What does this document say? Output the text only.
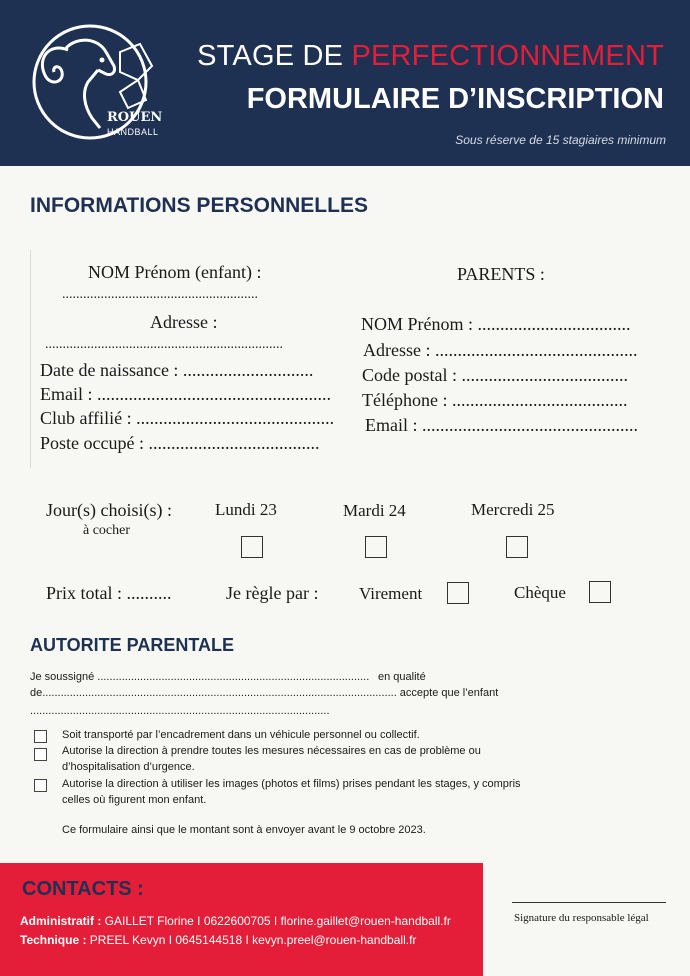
ROUEN
HANDBALL
STAGE DE PERFECTIONNEMENT
FORMULAIRE D’INSCRIPTION
Sous réserve de 15 stagiaires minimum
INFORMATIONS PERSONNELLES
NOM Prénom (enfant) :
........................................................
Adresse :
....................................................................
Date de naissance : .............................
Email : ....................................................
Club affilié : ............................................
Poste occupé : ......................................
PARENTS :
NOM Prénom : ..................................
Adresse : .............................................
Code postal : .....................................
Téléphone : .......................................
Email : ................................................
Jour(s) choisi(s) :
à cocher
Lundi 23	Mardi 24	Mercredi 25
Prix total : ..........	Je règle par : Virement	Chèque
AUTORITE PARENTALE
Je soussigné ......................................................................................... en qualité
de.................................................................................................................... accepte que l’enfant
..................................................................................................
Soit transporté par l’encadrement dans un véhicule personnel ou collectif.
Autorise la direction à prendre toutes les mesures nécessaires en cas de problème ou
d’hospitalisation d’urgence.
Autorise la direction à utiliser les images (photos et films) prises pendant les stages, y compris
celles où figurent mon enfant.
Ce formulaire ainsi que le montant sont à envoyer avant le 9 octobre 2023.
CONTACTS :
Administratif : GAILLET Florine I 0622600705 I florine.gaillet@rouen-handball.fr
Technique : PREEL Kevyn I 0645144518 I kevyn.preel@rouen-handball.fr
Signature du responsable légal
